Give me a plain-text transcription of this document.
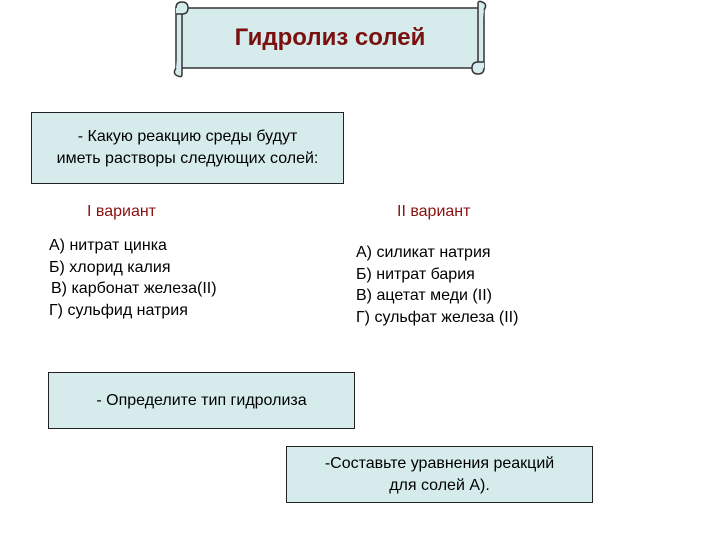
Гидролиз солей
- Какую реакцию среды будут
иметь растворы следующих солей:
I вариант	II вариант
А) нитрат цинка
Б) хлорид калия
В) карбонат железа(II)
Г) сульфид натрия
А) силикат натрия
Б) нитрат бария
В) ацетат меди (II)
Г) сульфат железа (II)
- Определите тип гидролиза
-Составьте уравнения реакций
для солей А).
